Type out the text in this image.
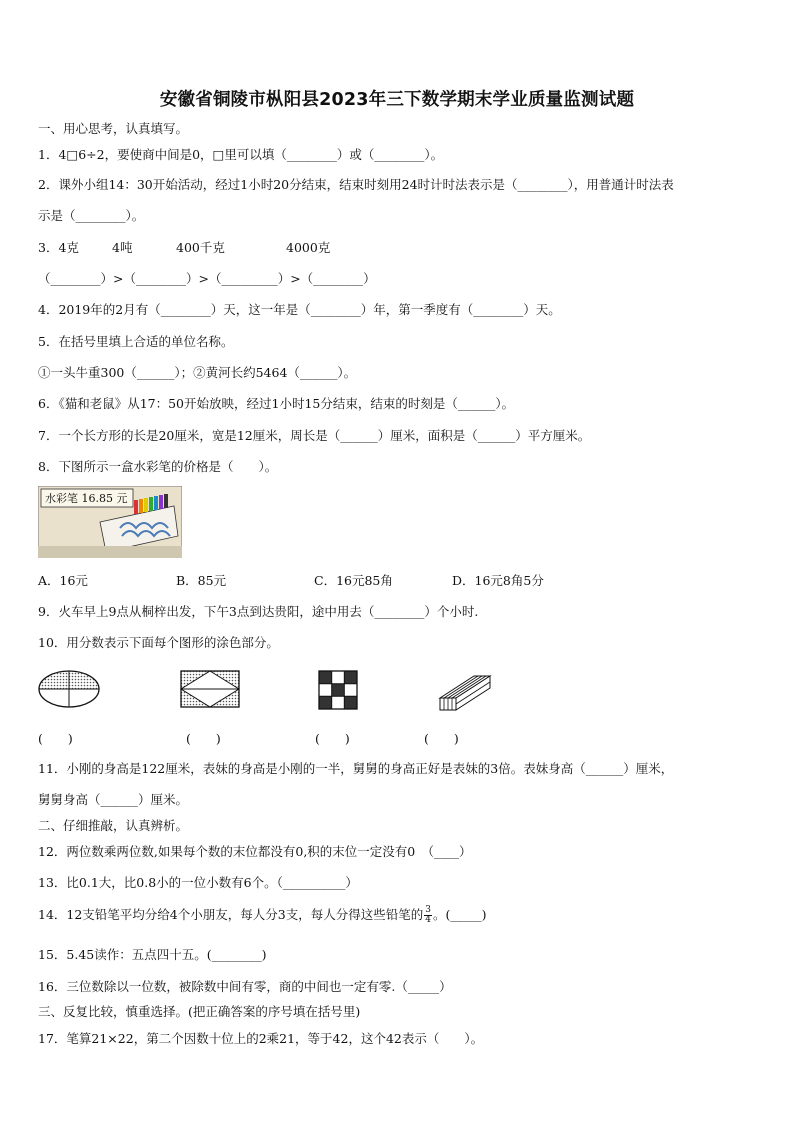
安徽省铜陵市枞阳县2023年三下数学期末学业质量监测试题
一、用心思考，认真填写。
1．4□6÷2，要使商中间是0，□里可以填（________）或（________）。
2．课外小组14：30开始活动，经过1小时20分结束，结束时刻用24时计时法表示是（________），用普通计时法表
示是（________）。
3．4克	4吨	400千克	4000克
（________）>（________）>（_________）>（________）
4．2019年的2月有（________）天，这一年是（________）年，第一季度有（________）天。
5．在括号里填上合适的单位名称。
①一头牛重300（______）；②黄河长约5464（______）。
6．《猫和老鼠》从17：50开始放映，经过1小时15分结束，结束的时刻是（______）。
7．一个长方形的长是20厘米，宽是12厘米，周长是（______）厘米，面积是（______）平方厘米。
8．下图所示一盒水彩笔的价格是（　　）。
水彩笔 16.85 元
A．16元	B．85元	C．16元85角	D．16元8角5分
9．火车早上9点从桐梓出发，下午3点到达贵阳，途中用去（________）个小时.
10．用分数表示下面每个图形的涂色部分。
(　　)	(　　)	(　　)	(　　)
11．小刚的身高是122厘米，表妹的身高是小刚的一半，舅舅的身高正好是表妹的3倍。表妹身高（______）厘米，
舅舅身高（______）厘米。
二、仔细推敲，认真辨析。
12．两位数乘两位数,如果每个数的末位都没有0,积的末位一定没有0　（____）
13．比0.1大，比0.8小的一位小数有6个。（__________）
14．12支铅笔平均分给4个小朋友，每人分3支，每人分得这些铅笔的 $\frac{3}{4}$ 。(_____)
15．5.45读作：五点四十五。(________)
16．三位数除以一位数，被除数中间有零，商的中间也一定有零.（_____）
三、反复比较，慎重选择。(把正确答案的序号填在括号里)
17．笔算21×22，第二个因数十位上的2乘21，等于42，这个42表示（　　）。
